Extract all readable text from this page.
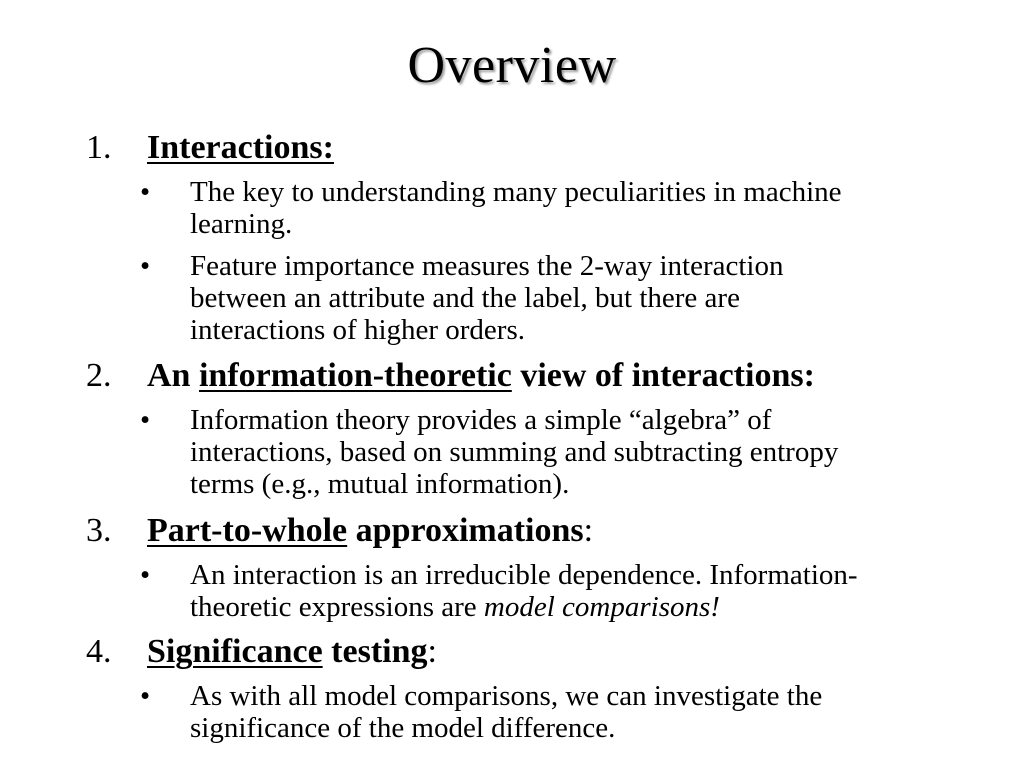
Overview
1. Interactions:
•	The key to understanding many peculiarities in machine
learning.
•	Feature importance measures the 2-way interaction
between an attribute and the label, but there are
interactions of higher orders.
2. An information-theoretic view of interactions:
•	Information theory provides a simple “algebra” of
interactions, based on summing and subtracting entropy
terms (e.g., mutual information).
3. Part-to-whole approximations:
•	An interaction is an irreducible dependence. Information-
theoretic expressions are model comparisons!
4. Significance testing:
•	As with all model comparisons, we can investigate the
significance of the model difference.
